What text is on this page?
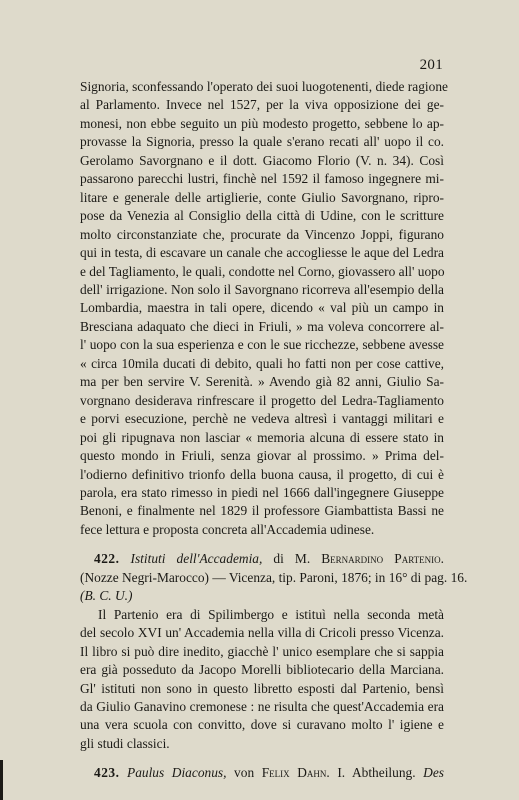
201
Signoria, sconfessando l'operato dei suoi luogotenenti, diede ragione
al Parlamento. Invece nel 1527, per la viva opposizione dei ge-
monesi, non ebbe seguito un più modesto progetto, sebbene lo ap-
provasse la Signoria, presso la quale s'erano recati all' uopo il co.
Gerolamo Savorgnano e il dott. Giacomo Florio (V. n. 34). Così
passarono parecchi lustri, finchè nel 1592 il famoso ingegnere mi-
litare e generale delle artiglierie, conte Giulio Savorgnano, ripro-
pose da Venezia al Consiglio della città di Udine, con le scritture
molto circonstanziate che, procurate da Vincenzo Joppi, figurano
qui in testa, di escavare un canale che accogliesse le aque del Ledra
e del Tagliamento, le quali, condotte nel Corno, giovassero all' uopo
dell' irrigazione. Non solo il Savorgnano ricorreva all'esempio della
Lombardia, maestra in tali opere, dicendo « val più un campo in
Bresciana adaquato che dieci in Friuli, » ma voleva concorrere al-
l' uopo con la sua esperienza e con le sue ricchezze, sebbene avesse
« circa 10mila ducati di debito, quali ho fatti non per cose cattive,
ma per ben servire V. Serenità. » Avendo già 82 anni, Giulio Sa-
vorgnano desiderava rinfrescare il progetto del Ledra-Tagliamento
e porvi esecuzione, perchè ne vedeva altresì i vantaggi militari e
poi gli ripugnava non lasciar « memoria alcuna di essere stato in
questo mondo in Friuli, senza giovar al prossimo. » Prima del-
l'odierno definitivo trionfo della buona causa, il progetto, di cui è
parola, era stato rimesso in piedi nel 1666 dall'ingegnere Giuseppe
Benoni, e finalmente nel 1829 il professore Giambattista Bassi ne
fece lettura e proposta concreta all'Accademia udinese.
422. Istituti dell'Accademia, di M. Bernardino Partenio.
(Nozze Negri-Marocco) — Vicenza, tip. Paroni, 1876; in 16° di pag. 16.
(B. C. U.)
Il Partenio era di Spilimbergo e istituì nella seconda metà
del secolo XVI un' Accademia nella villa di Cricoli presso Vicenza.
Il libro si può dire inedito, giacchè l' unico esemplare che si sappia
era già posseduto da Jacopo Morelli bibliotecario della Marciana.
Gl' istituti non sono in questo libretto esposti dal Partenio, bensì
da Giulio Ganavino cremonese : ne risulta che quest'Accademia era
una vera scuola con convitto, dove si curavano molto l' igiene e
gli studi classici.
423. Paulus Diaconus, von Felix Dahn. I. Abtheilung. Des
